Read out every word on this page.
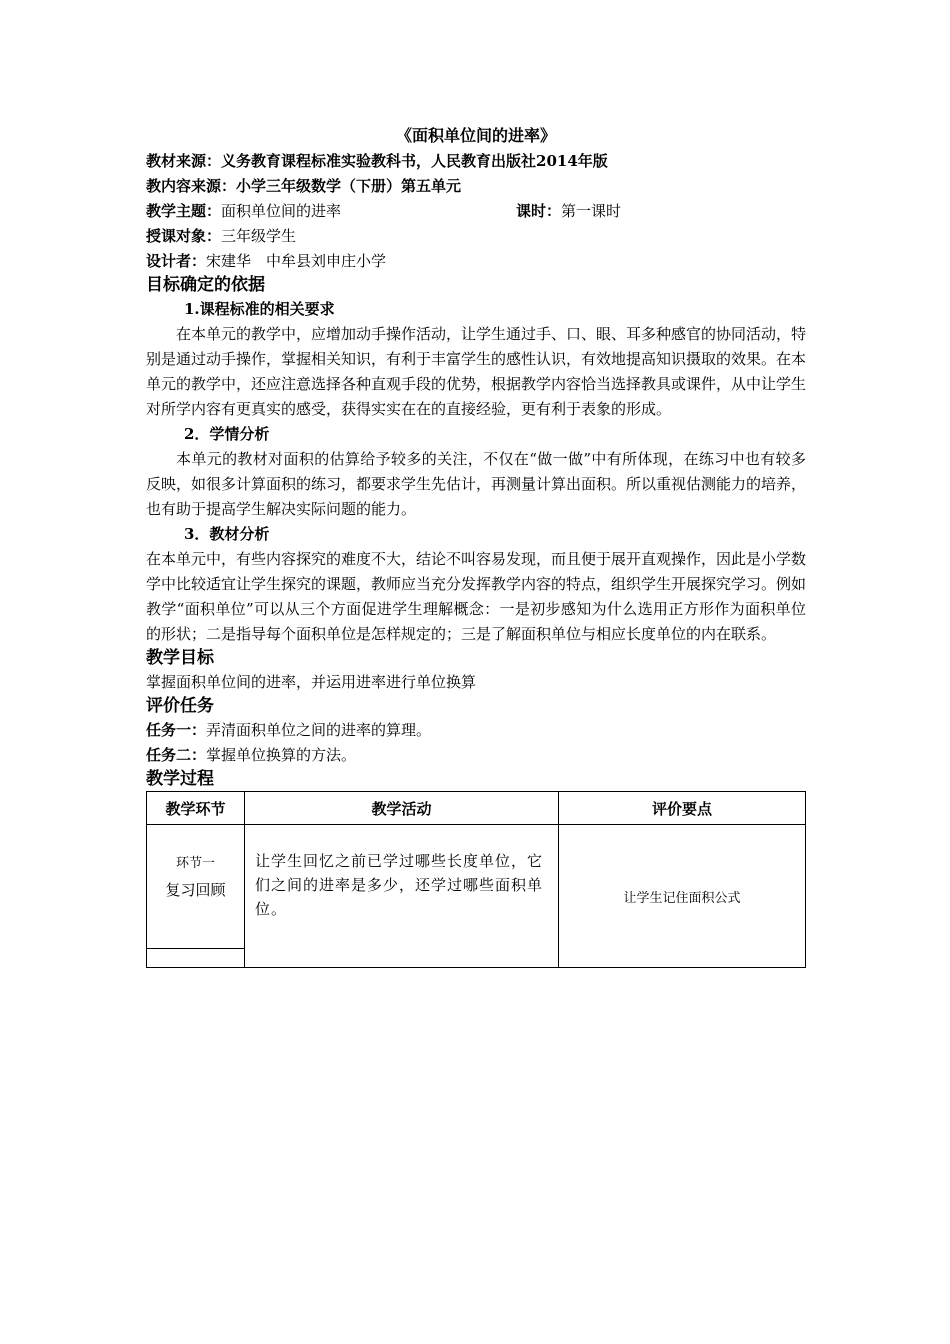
《面积单位间的进率》
教材来源：义务教育课程标准实验教科书，人民教育出版社2014年版
教内容来源：小学三年级数学（下册）第五单元
教学主题：面积单位间的进率	课时：第一课时
授课对象：三年级学生
设计者：宋建华　中牟县刘申庄小学
目标确定的依据
1.课程标准的相关要求
在本单元的教学中，应增加动手操作活动，让学生通过手、口、眼、耳多种感官的协同活动，特别是通过动手操作，掌握相关知识，有利于丰富学生的感性认识，有效地提高知识摄取的效果。在本单元的教学中，还应注意选择各种直观手段的优势，根据教学内容恰当选择教具或课件，从中让学生对所学内容有更真实的感受，获得实实在在的直接经验，更有利于表象的形成。
2．学情分析
本单元的教材对面积的估算给予较多的关注，不仅在“做一做”中有所体现，在练习中也有较多反映，如很多计算面积的练习，都要求学生先估计，再测量计算出面积。所以重视估测能力的培养，也有助于提高学生解决实际问题的能力。
3．教材分析
在本单元中，有些内容探究的难度不大，结论不叫容易发现，而且便于展开直观操作，因此是小学数学中比较适宜让学生探究的课题，教师应当充分发挥教学内容的特点，组织学生开展探究学习。例如教学“面积单位”可以从三个方面促进学生理解概念：一是初步感知为什么选用正方形作为面积单位的形状；二是指导每个面积单位是怎样规定的；三是了解面积单位与相应长度单位的内在联系。
教学目标
掌握面积单位间的进率，并运用进率进行单位换算
评价任务
任务一：弄清面积单位之间的进率的算理。
任务二：掌握单位换算的方法。
教学过程
教学环节	教学活动	评价要点

环节一
复习回顾	让学生回忆之前已学过哪些长度单位，它们之间的进率是多少，还学过哪些面积单位。	让学生记住面积公式
